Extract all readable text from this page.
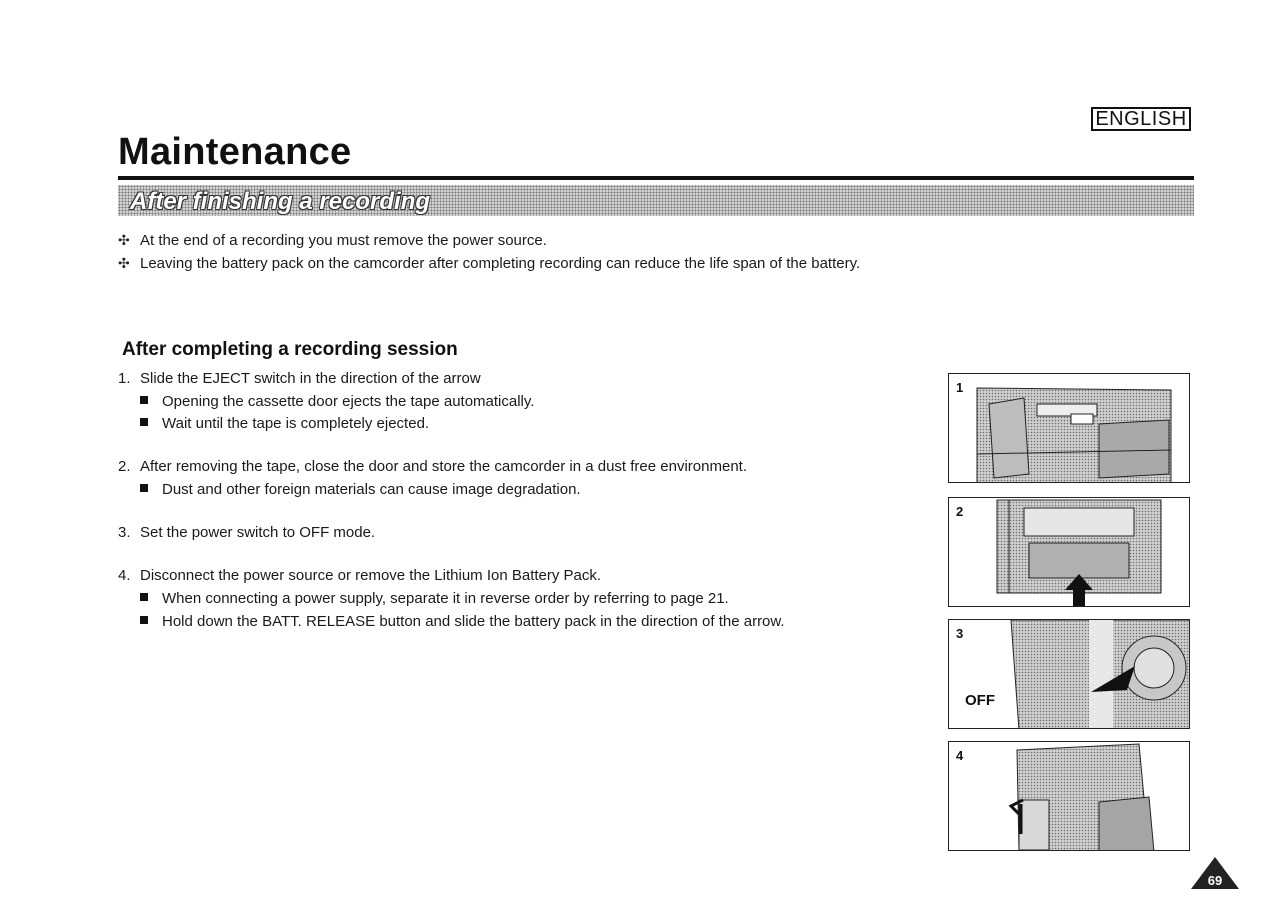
ENGLISH
Maintenance
After finishing a recording
✣ At the end of a recording you must remove the power source.
✣ Leaving the battery pack on the camcorder after completing recording can reduce the life span of the battery.
After completing a recording session
1. Slide the EJECT switch in the direction of the arrow
Opening the cassette door ejects the tape automatically.
Wait until the tape is completely ejected.
2. After removing the tape, close the door and store the camcorder in a dust free environment.
Dust and other foreign materials can cause image degradation.
3. Set the power switch to OFF mode.
4. Disconnect the power source or remove the Lithium Ion Battery Pack.
When connecting a power supply, separate it in reverse order by referring to page 21.
Hold down the BATT. RELEASE button and slide the battery pack in the direction of the arrow.
1
2
3
OFF
4
69
